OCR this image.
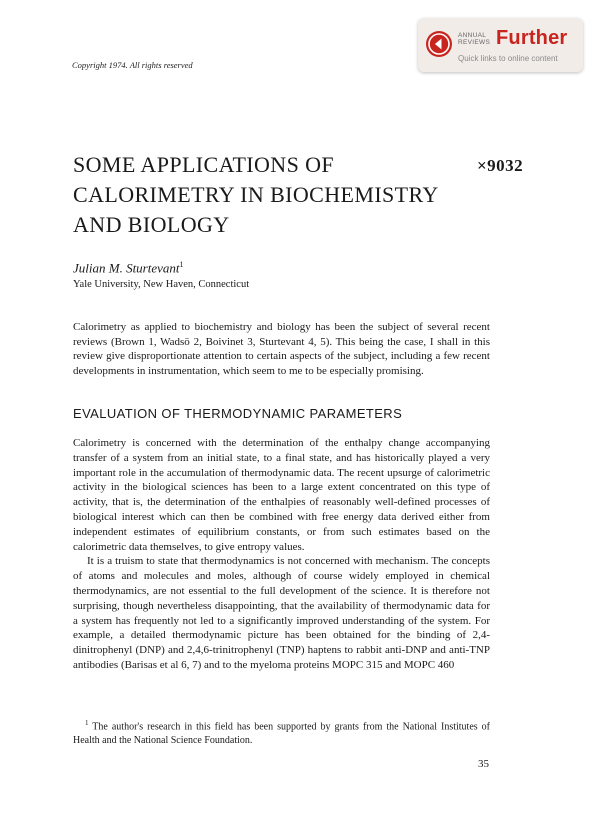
Copyright 1974. All rights reserved
ANNUAL
REVIEWS Further
Quick links to online content
SOME APPLICATIONS OF CALORIMETRY IN BIOCHEMISTRY AND BIOLOGY
×9032
Julian M. Sturtevant$^1$
Yale University, New Haven, Connecticut

Calorimetry as applied to biochemistry and biology has been the subject of several recent reviews (Brown 1, Wadsö 2, Boivinet 3, Sturtevant 4, 5). This being the case, I shall in this review give disproportionate attention to certain aspects of the subject, including a few recent developments in instrumentation, which seem to me to be especially promising.

EVALUATION OF THERMODYNAMIC PARAMETERS

Calorimetry is concerned with the determination of the enthalpy change accompanying transfer of a system from an initial state, to a final state, and has historically played a very important role in the accumulation of thermodynamic data. The recent upsurge of calorimetric activity in the biological sciences has been to a large extent concentrated on this type of activity, that is, the determination of the enthalpies of reasonably well-defined processes of biological interest which can then be combined with free energy data derived either from independent estimates of equilibrium constants, or from such estimates based on the calorimetric data themselves, to give entropy values.

It is a truism to state that thermodynamics is not concerned with mechanism. The concepts of atoms and molecules and moles, although of course widely employed in chemical thermodynamics, are not essential to the full development of the science. It is therefore not surprising, though nevertheless disappointing, that the availability of thermodynamic data for a system has frequently not led to a significantly improved understanding of the system. For example, a detailed thermodynamic picture has been obtained for the binding of 2,4-dinitrophenyl (DNP) and 2,4,6-trinitrophenyl (TNP) haptens to rabbit anti-DNP and anti-TNP antibodies (Barisas et al 6, 7) and to the myeloma proteins MOPC 315 and MOPC 460

$^1$ The author's research in this field has been supported by grants from the National Institutes of Health and the National Science Foundation.

35
